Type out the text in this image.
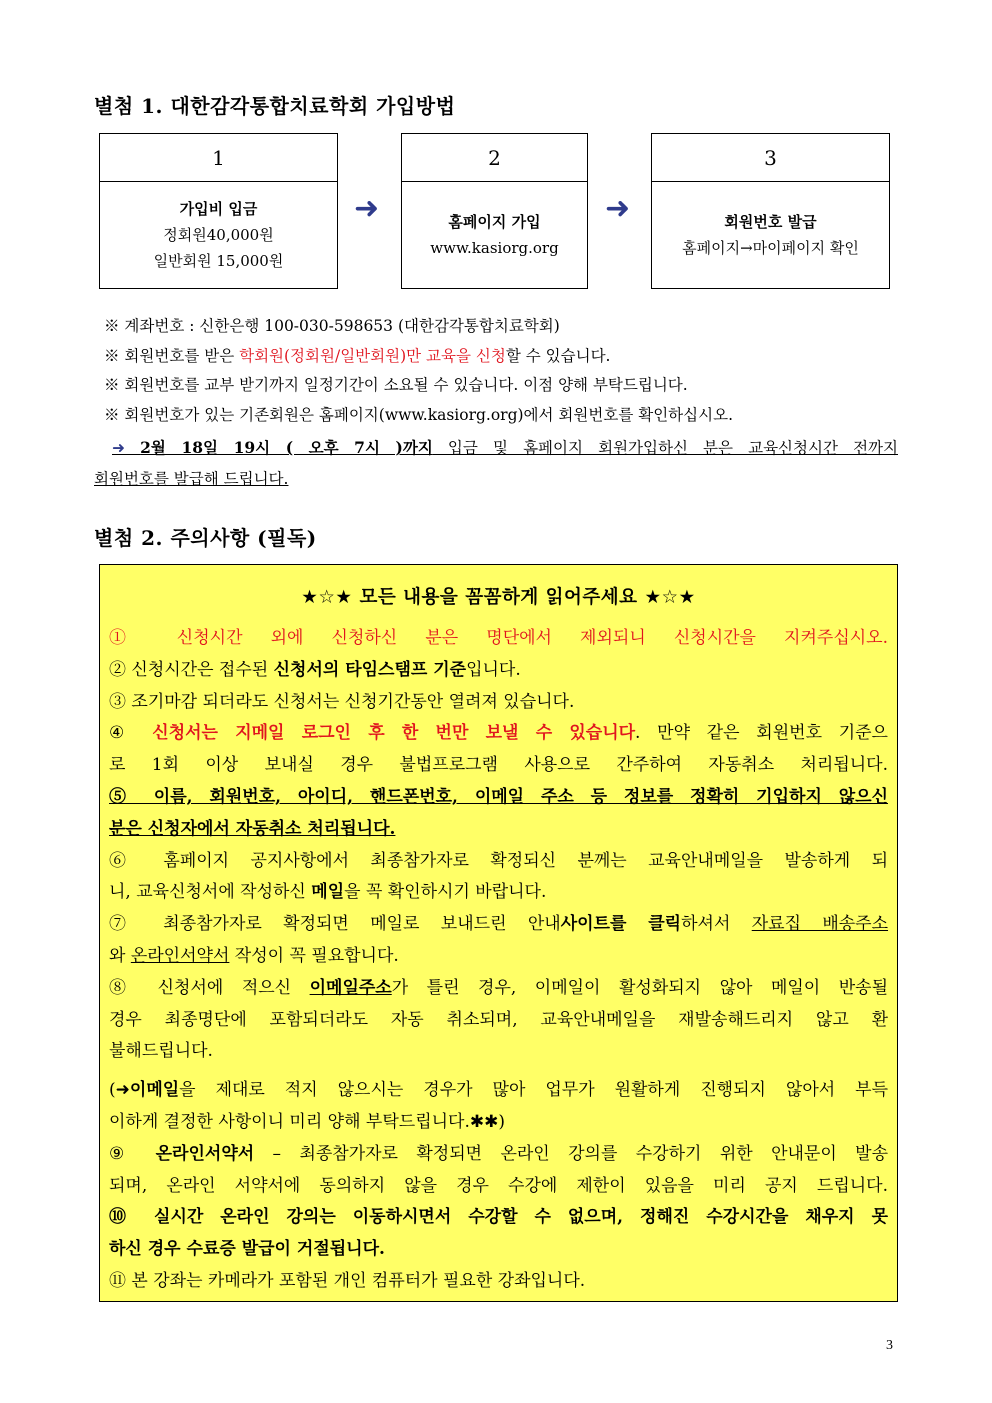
별첨 1. 대한감각통합치료학회 가입방법
1
가입비 입금
정회원40,000원
일반회원 15,000원
➜
2
홈페이지 가입
www.kasiorg.org
➜
3
회원번호 발급
홈페이지→마이페이지 확인
※ 계좌번호 : 신한은행 100-030-598653 (대한감각통합치료학회)
※ 회원번호를 받은 학회원(정회원/일반회원)만 교육을 신청할 수 있습니다.
※ 회원번호를 교부 받기까지 일정기간이 소요될 수 있습니다. 이점 양해 부탁드립니다.
※ 회원번호가 있는 기존회원은 홈페이지(www.kasiorg.org)에서 회원번호를 확인하십시오.
➜ 2월 18일 19시 ( 오후 7시 )까지 입금 및 홈페이지 회원가입하신 분은 교육신청시간 전까지
회원번호를 발급해 드립니다.
별첨 2. 주의사항 (필독)
★☆★ 모든 내용을 꼼꼼하게 읽어주세요 ★☆★
① 신청시간 외에 신청하신 분은 명단에서 제외되니 신청시간을 지켜주십시오.
② 신청시간은 접수된 신청서의 타임스탬프 기준입니다.
③ 조기마감 되더라도 신청서는 신청기간동안 열려져 있습니다.
④ 신청서는 지메일 로그인 후 한 번만 보낼 수 있습니다. 만약 같은 회원번호 기준으
로 1회 이상 보내실 경우 불법프로그램 사용으로 간주하여 자동취소 처리됩니다.
⑤ 이름, 회원번호, 아이디, 핸드폰번호, 이메일 주소 등 정보를 정확히 기입하지 않으신
분은 신청자에서 자동취소 처리됩니다.
⑥ 홈페이지 공지사항에서 최종참가자로 확정되신 분께는 교육안내메일을 발송하게 되
니, 교육신청서에 작성하신 메일을 꼭 확인하시기 바랍니다.
⑦ 최종참가자로 확정되면 메일로 보내드린 안내사이트를 클릭하셔서 자료집 배송주소
와 온라인서약서 작성이 꼭 필요합니다.
⑧ 신청서에 적으신 이메일주소가 틀린 경우, 이메일이 활성화되지 않아 메일이 반송될
경우 최종명단에 포함되더라도 자동 취소되며, 교육안내메일을 재발송해드리지 않고 환
불해드립니다.
(➜이메일을 제대로 적지 않으시는 경우가 많아 업무가 원활하게 진행되지 않아서 부득
이하게 결정한 사항이니 미리 양해 부탁드립니다.✱✱)
⑨ 온라인서약서 – 최종참가자로 확정되면 온라인 강의를 수강하기 위한 안내문이 발송
되며, 온라인 서약서에 동의하지 않을 경우 수강에 제한이 있음을 미리 공지 드립니다.
⑩ 실시간 온라인 강의는 이동하시면서 수강할 수 없으며, 정해진 수강시간을 채우지 못
하신 경우 수료증 발급이 거절됩니다.
⑪ 본 강좌는 카메라가 포함된 개인 컴퓨터가 필요한 강좌입니다.
3
